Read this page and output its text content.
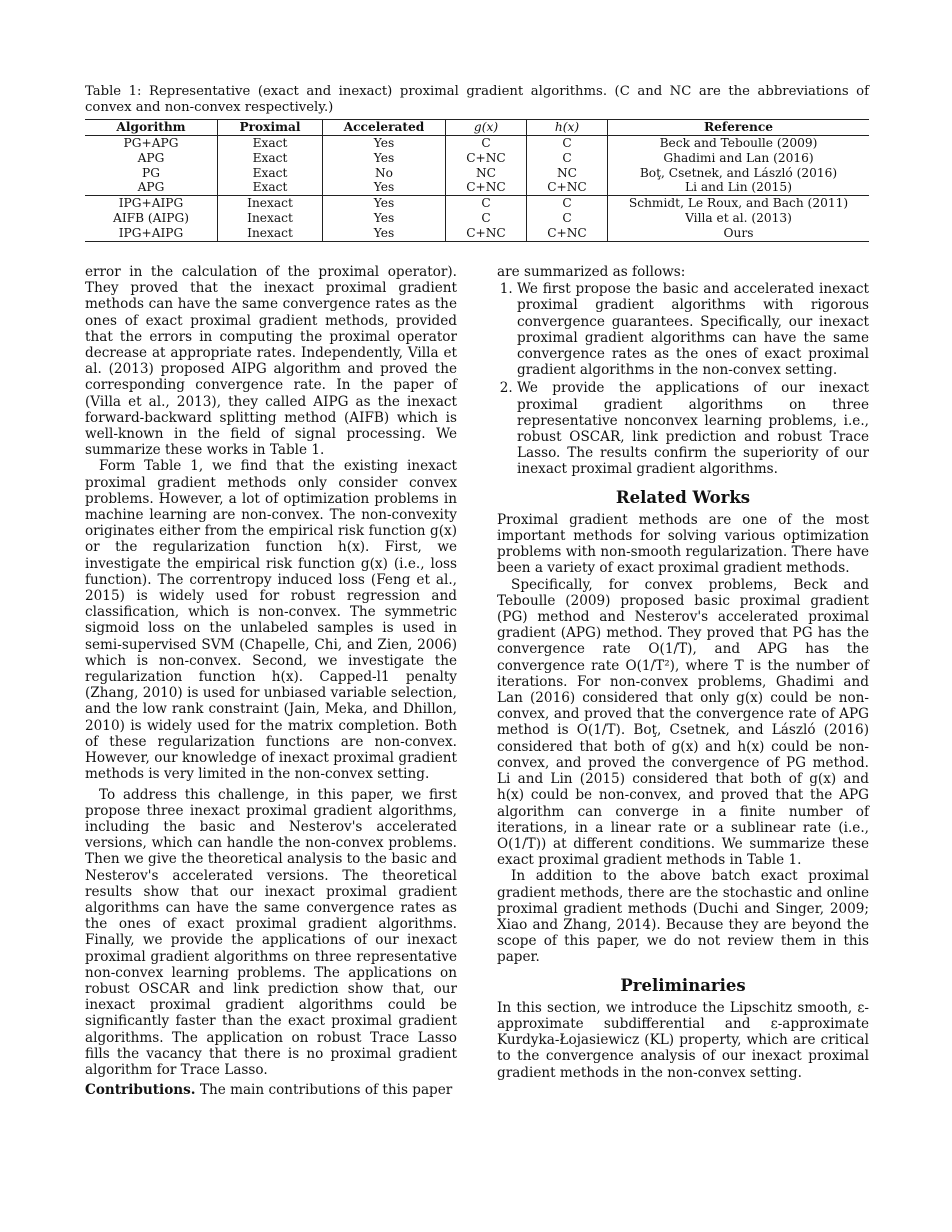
Table 1: Representative (exact and inexact) proximal gradient algorithms. (C and NC are the abbreviations of convex and non-convex respectively.)

Algorithm	Proximal	Accelerated	g(x)	h(x)	Reference
PG+APG	Exact	Yes	C	C	Beck and Teboulle (2009)
APG	Exact	Yes	C+NC	C	Ghadimi and Lan (2016)
PG	Exact	No	NC	NC	Boţ, Csetnek, and László (2016)
APG	Exact	Yes	C+NC	C+NC	Li and Lin (2015)
IPG+AIPG	Inexact	Yes	C	C	Schmidt, Le Roux, and Bach (2011)
AIFB (AIPG)	Inexact	Yes	C	C	Villa et al. (2013)
IPG+AIPG	Inexact	Yes	C+NC	C+NC	Ours

error in the calculation of the proximal operator). They proved that the inexact proximal gradient methods can have the same convergence rates as the ones of exact proximal gradient methods, provided that the errors in computing the proximal operator decrease at appropriate rates. Independently, Villa et al. (2013) proposed AIPG algorithm and proved the corresponding convergence rate. In the paper of (Villa et al., 2013), they called AIPG as the inexact forward-backward splitting method (AIFB) which is well-known in the field of signal processing. We summarize these works in Table 1.

Form Table 1, we find that the existing inexact proximal gradient methods only consider convex problems. However, a lot of optimization problems in machine learning are non-convex. The non-convexity originates either from the empirical risk function g(x) or the regularization function h(x). First, we investigate the empirical risk function g(x) (i.e., loss function). The correntropy induced loss (Feng et al., 2015) is widely used for robust regression and classification, which is non-convex. The symmetric sigmoid loss on the unlabeled samples is used in semi-supervised SVM (Chapelle, Chi, and Zien, 2006) which is non-convex. Second, we investigate the regularization function h(x). Capped-l1 penalty (Zhang, 2010) is used for unbiased variable selection, and the low rank constraint (Jain, Meka, and Dhillon, 2010) is widely used for the matrix completion. Both of these regularization functions are non-convex. However, our knowledge of inexact proximal gradient methods is very limited in the non-convex setting.

To address this challenge, in this paper, we first propose three inexact proximal gradient algorithms, including the basic and Nesterov's accelerated versions, which can handle the non-convex problems. Then we give the theoretical analysis to the basic and Nesterov's accelerated versions. The theoretical results show that our inexact proximal gradient algorithms can have the same convergence rates as the ones of exact proximal gradient algorithms. Finally, we provide the applications of our inexact proximal gradient algorithms on three representative non-convex learning problems. The applications on robust OSCAR and link prediction show that, our inexact proximal gradient algorithms could be significantly faster than the exact proximal gradient algorithms. The application on robust Trace Lasso fills the vacancy that there is no proximal gradient algorithm for Trace Lasso.

Contributions. The main contributions of this paper

are summarized as follows:

1. We first propose the basic and accelerated inexact proximal gradient algorithms with rigorous convergence guarantees. Specifically, our inexact proximal gradient algorithms can have the same convergence rates as the ones of exact proximal gradient algorithms in the non-convex setting.
2. We provide the applications of our inexact proximal gradient algorithms on three representative nonconvex learning problems, i.e., robust OSCAR, link prediction and robust Trace Lasso. The results confirm the superiority of our inexact proximal gradient algorithms.
Related Works

Proximal gradient methods are one of the most important methods for solving various optimization problems with non-smooth regularization. There have been a variety of exact proximal gradient methods.

Specifically, for convex problems, Beck and Teboulle (2009) proposed basic proximal gradient (PG) method and Nesterov's accelerated proximal gradient (APG) method. They proved that PG has the convergence rate O(1/T), and APG has the convergence rate O(1/T²), where T is the number of iterations. For non-convex problems, Ghadimi and Lan (2016) considered that only g(x) could be non-convex, and proved that the convergence rate of APG method is O(1/T). Boţ, Csetnek, and László (2016) considered that both of g(x) and h(x) could be non-convex, and proved the convergence of PG method. Li and Lin (2015) considered that both of g(x) and h(x) could be non-convex, and proved that the APG algorithm can converge in a finite number of iterations, in a linear rate or a sublinear rate (i.e., O(1/T)) at different conditions. We summarize these exact proximal gradient methods in Table 1.

In addition to the above batch exact proximal gradient methods, there are the stochastic and online proximal gradient methods (Duchi and Singer, 2009; Xiao and Zhang, 2014). Because they are beyond the scope of this paper, we do not review them in this paper.

Preliminaries

In this section, we introduce the Lipschitz smooth, ε-approximate subdifferential and ε-approximate Kurdyka-Łojasiewicz (KL) property, which are critical to the convergence analysis of our inexact proximal gradient methods in the non-convex setting.
